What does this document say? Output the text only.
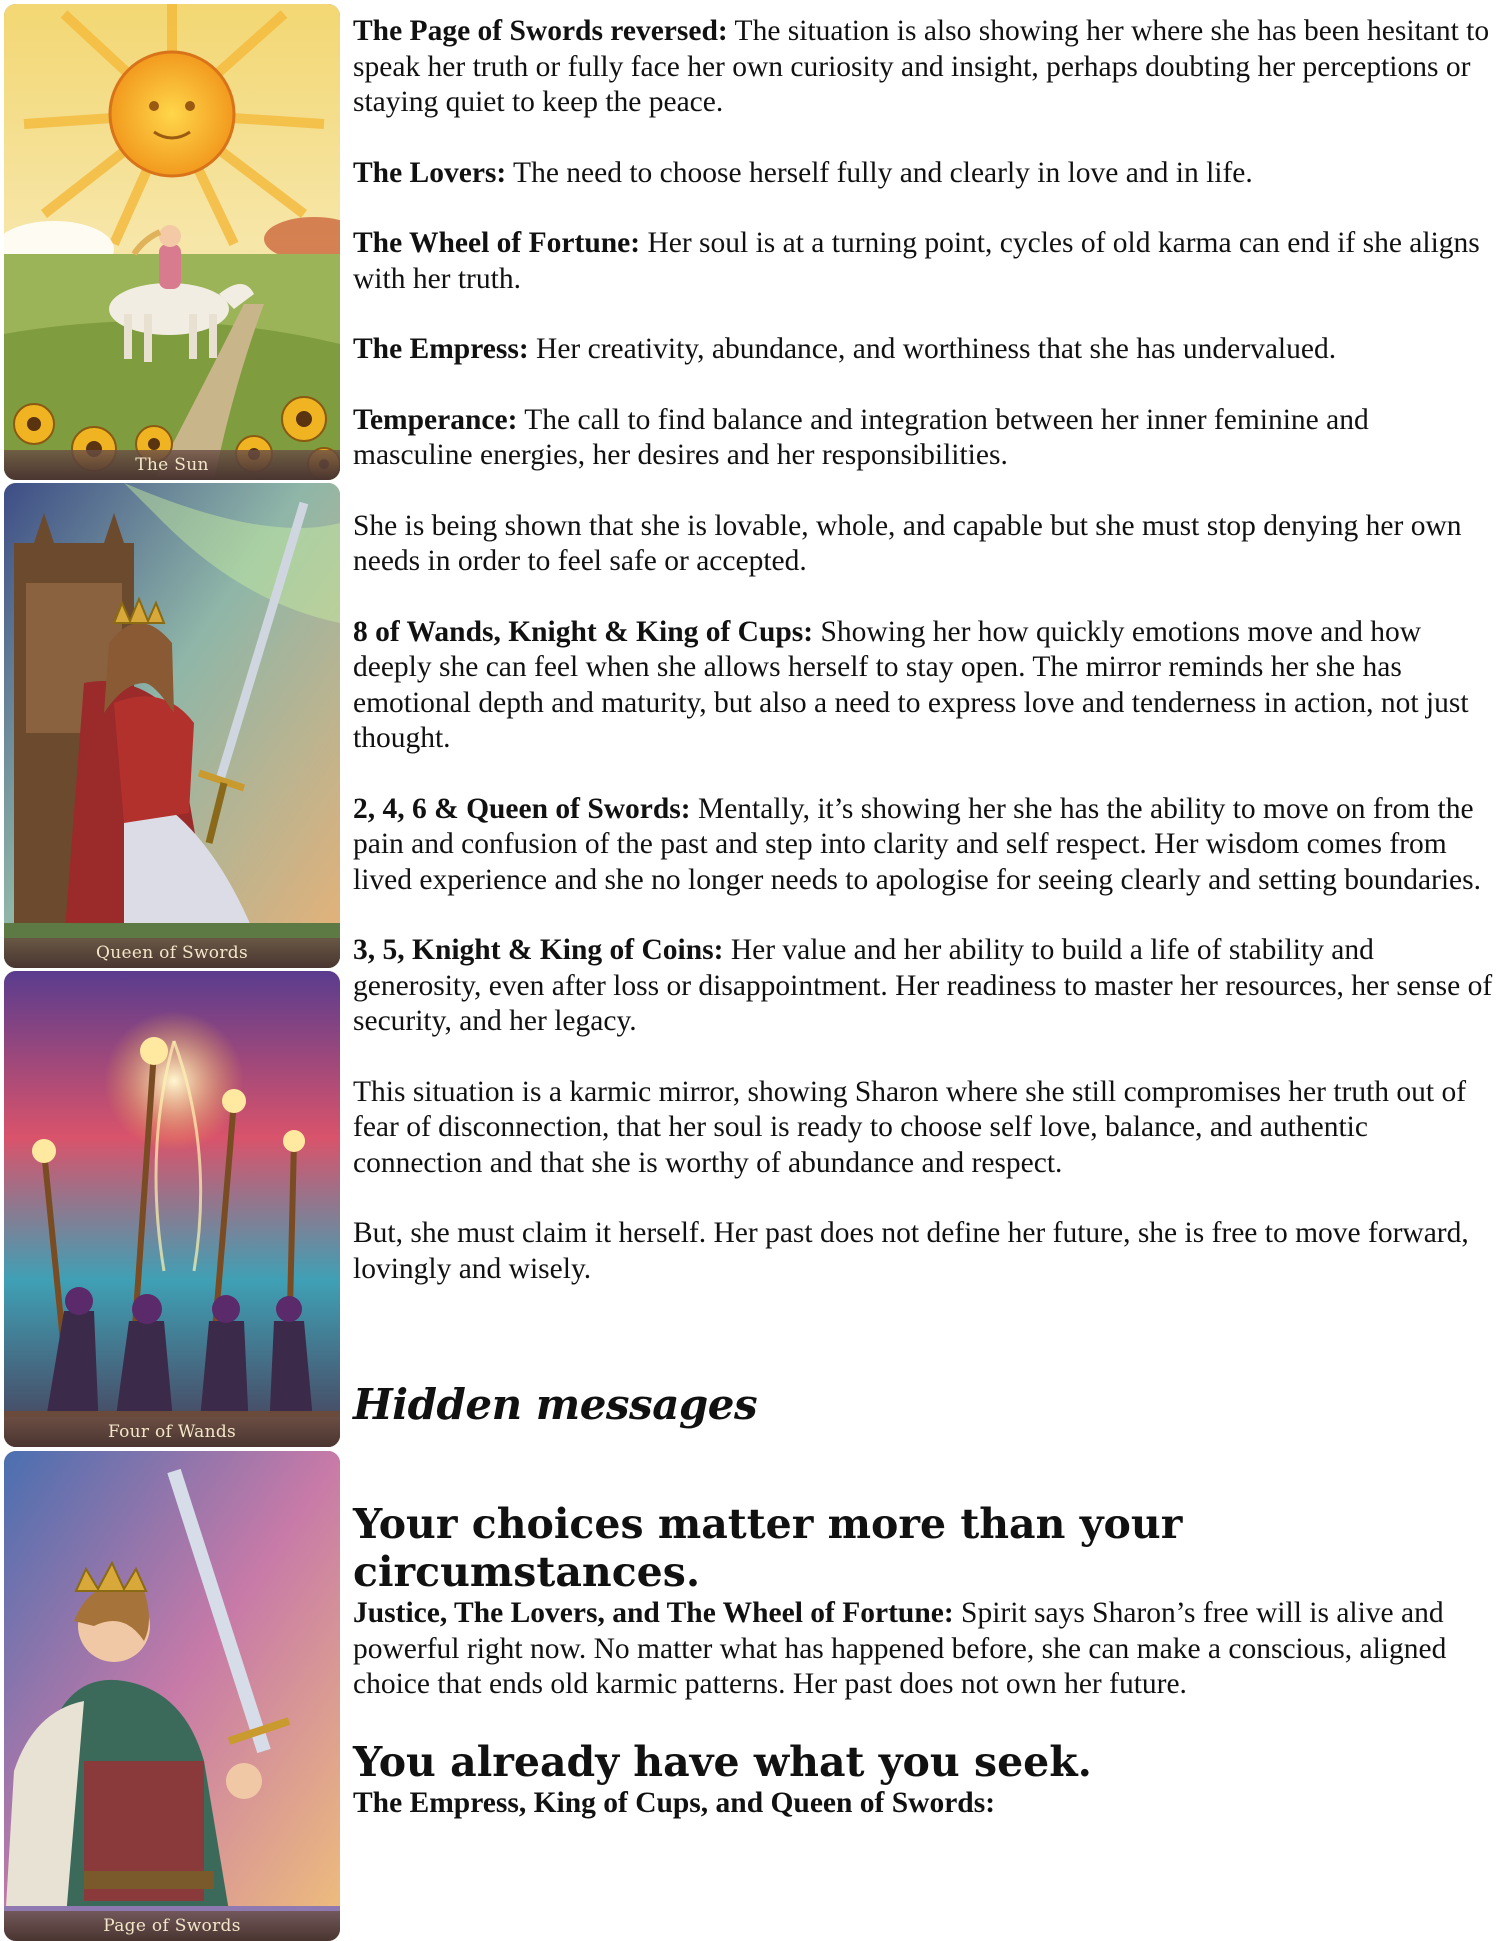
The Sun
Queen of Swords
Four of Wands
Page of Swords

The Page of Swords reversed: The situation is also showing her where she has been hesitant to speak her truth or fully face her own curiosity and insight, perhaps doubting her perceptions or staying quiet to keep the peace.

The Lovers: The need to choose herself fully and clearly in love and in life.

The Wheel of Fortune: Her soul is at a turning point, cycles of old karma can end if she aligns with her truth.

The Empress: Her creativity, abundance, and worthiness that she has undervalued.

Temperance: The call to find balance and integration between her inner feminine and masculine energies, her desires and her responsibilities.

She is being shown that she is lovable, whole, and capable but she must stop denying her own needs in order to feel safe or accepted.

8 of Wands, Knight & King of Cups: Showing her how quickly emotions move and how deeply she can feel when she allows herself to stay open. The mirror reminds her she has emotional depth and maturity, but also a need to express love and tenderness in action, not just thought.

2, 4, 6 & Queen of Swords: Mentally, it’s showing her she has the ability to move on from the pain and confusion of the past and step into clarity and self respect. Her wisdom comes from lived experience and she no longer needs to apologise for seeing clearly and setting boundaries.

3, 5, Knight & King of Coins: Her value and her ability to build a life of stability and generosity, even after loss or disappointment. Her readiness to master her resources, her sense of security, and her legacy.

This situation is a karmic mirror, showing Sharon where she still compromises her truth out of fear of disconnection, that her soul is ready to choose self love, balance, and authentic connection and that she is worthy of abundance and respect.

But, she must claim it herself. Her past does not define her future, she is free to move forward, lovingly and wisely.

Hidden messages
Your choices matter more than your circumstances.

Justice, The Lovers, and The Wheel of Fortune: Spirit says Sharon’s free will is alive and powerful right now. No matter what has happened before, she can make a conscious, aligned choice that ends old karmic patterns. Her past does not own her future.

You already have what you seek.

The Empress, King of Cups, and Queen of Swords:
